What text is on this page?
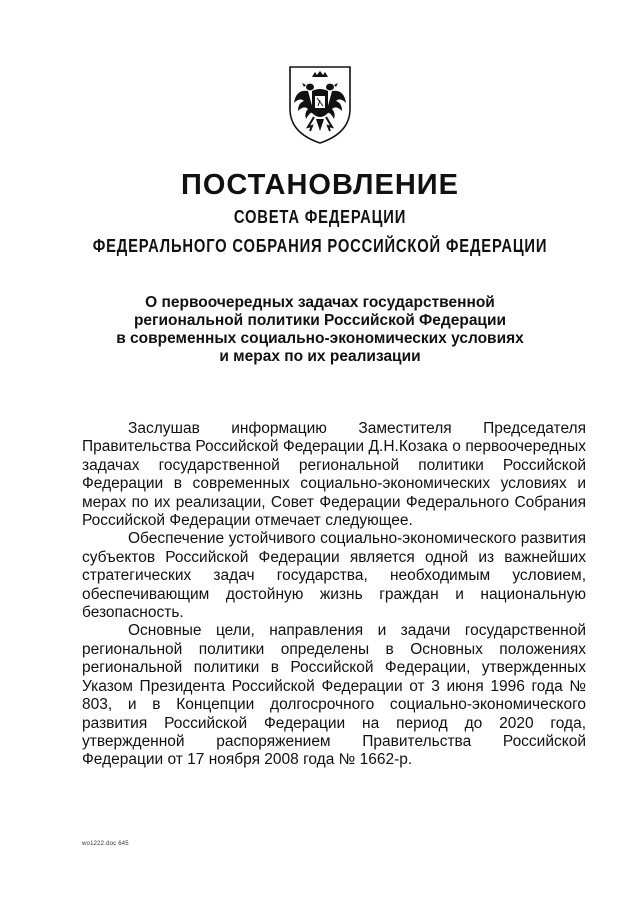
ПОСТАНОВЛЕНИЕ
СОВЕТА ФЕДЕРАЦИИ
ФЕДЕРАЛЬНОГО СОБРАНИЯ РОССИЙСКОЙ ФЕДЕРАЦИИ
О первоочередных задачах государственной
региональной политики Российской Федерации
в современных социально-экономических условиях
и мерах по их реализации

Заслушав информацию Заместителя Председателя Правительства Российской Федерации Д.Н.Козака о первоочередных задачах государственной региональной политики Российской Федерации в современных социально-экономических условиях и мерах по их реализации, Совет Федерации Федерального Собрания Российской Федерации отмечает следующее.

Обеспечение устойчивого социально-экономического развития субъектов Российской Федерации является одной из важнейших стратегических задач государства, необходимым условием, обеспечивающим достойную жизнь граждан и национальную безопасность.

Основные цели, направления и задачи государственной региональной политики определены в Основных положениях региональной политики в Российской Федерации, утвержденных Указом Президента Российской Федерации от 3 июня 1996 года № 803, и в Концепции долгосрочного социально-экономического развития Российской Федерации на период до 2020 года, утвержденной распоряжением Правительства Российской Федерации от 17 ноября 2008 года № 1662-р.

wo1222.doc 645
